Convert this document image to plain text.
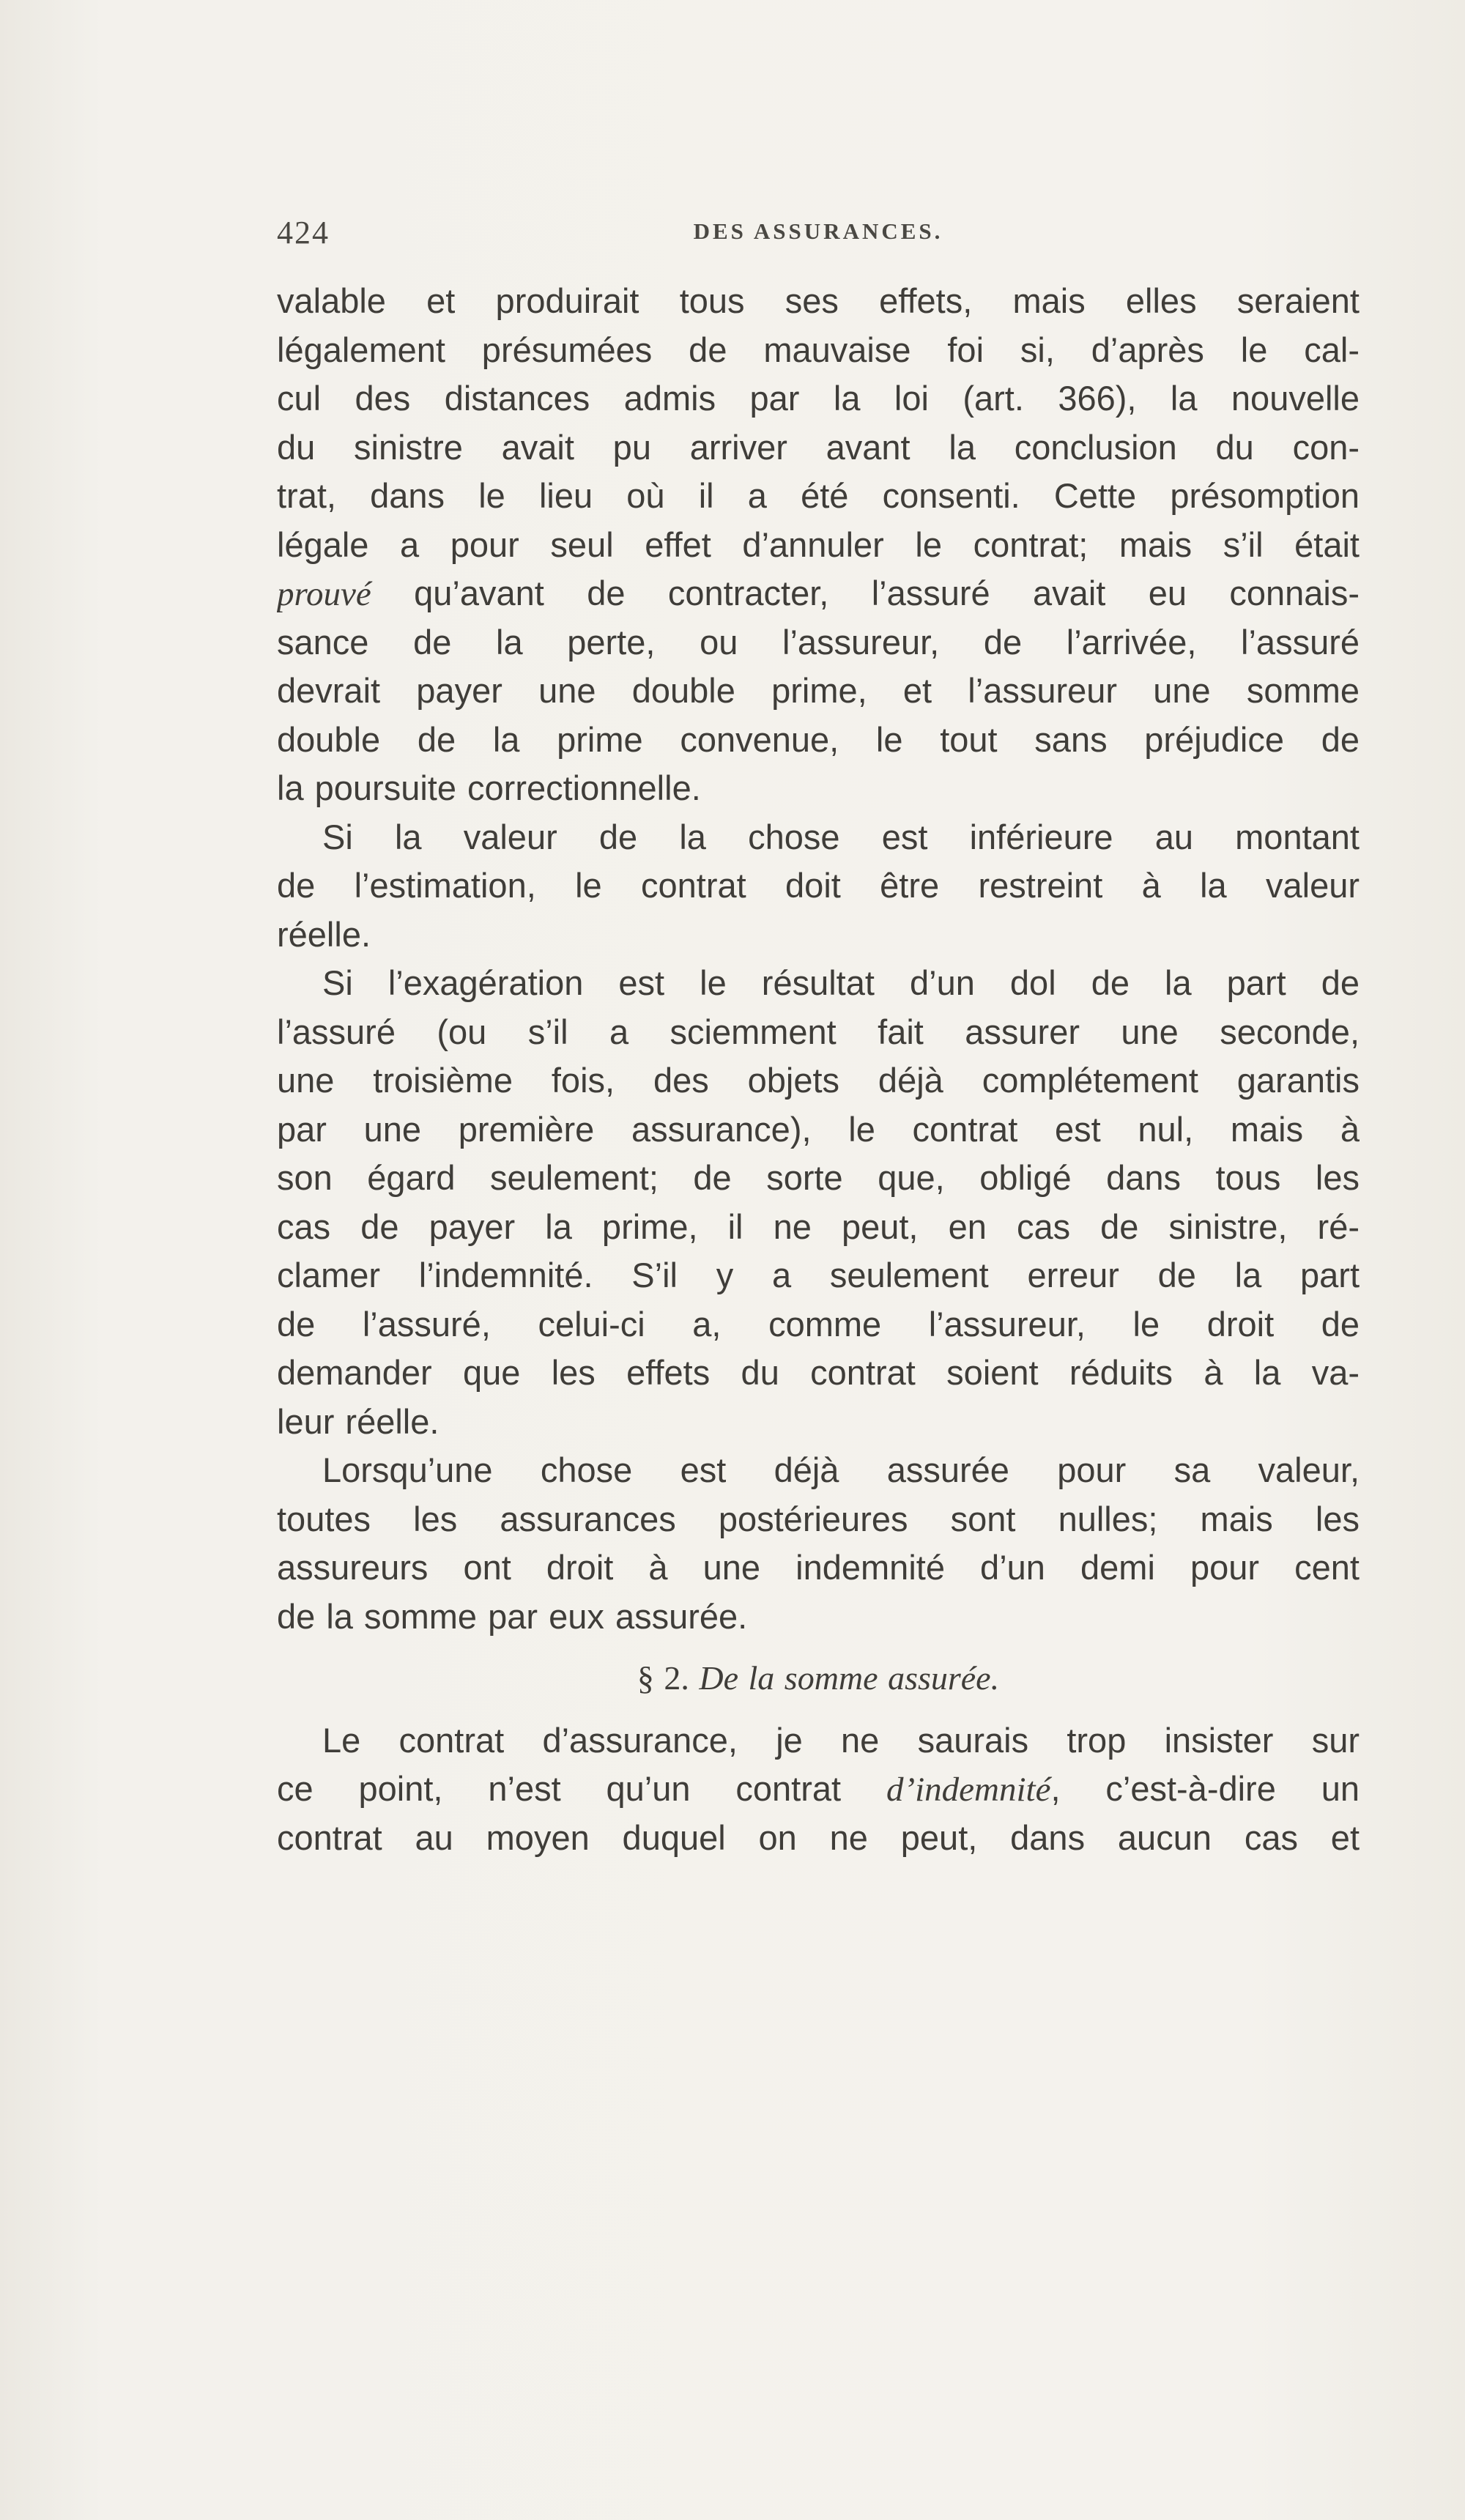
424	DES ASSURANCES.
valable et produirait tous ses effets, mais elles seraient
légalement présumées de mauvaise foi si, d’après le cal-
cul des distances admis par la loi (art. 366), la nouvelle
du sinistre avait pu arriver avant la conclusion du con-
trat, dans le lieu où il a été consenti. Cette présomption
légale a pour seul effet d’annuler le contrat; mais s’il était
prouvé qu’avant de contracter, l’assuré avait eu connais-
sance de la perte, ou l’assureur, de l’arrivée, l’assuré
devrait payer une double prime, et l’assureur une somme
double de la prime convenue, le tout sans préjudice de
la poursuite correctionnelle.
Si la valeur de la chose est inférieure au montant
de l’estimation, le contrat doit être restreint à la valeur
réelle.
Si l’exagération est le résultat d’un dol de la part de
l’assuré (ou s’il a sciemment fait assurer une seconde,
une troisième fois, des objets déjà complétement garantis
par une première assurance), le contrat est nul, mais à
son égard seulement; de sorte que, obligé dans tous les
cas de payer la prime, il ne peut, en cas de sinistre, ré-
clamer l’indemnité. S’il y a seulement erreur de la part
de l’assuré, celui-ci a, comme l’assureur, le droit de
demander que les effets du contrat soient réduits à la va-
leur réelle.
Lorsqu’une chose est déjà assurée pour sa valeur,
toutes les assurances postérieures sont nulles; mais les
assureurs ont droit à une indemnité d’un demi pour cent
de la somme par eux assurée.
§ 2. De la somme assurée.
Le contrat d’assurance, je ne saurais trop insister sur
ce point, n’est qu’un contrat d’indemnité, c’est-à-dire un
contrat au moyen duquel on ne peut, dans aucun cas et
